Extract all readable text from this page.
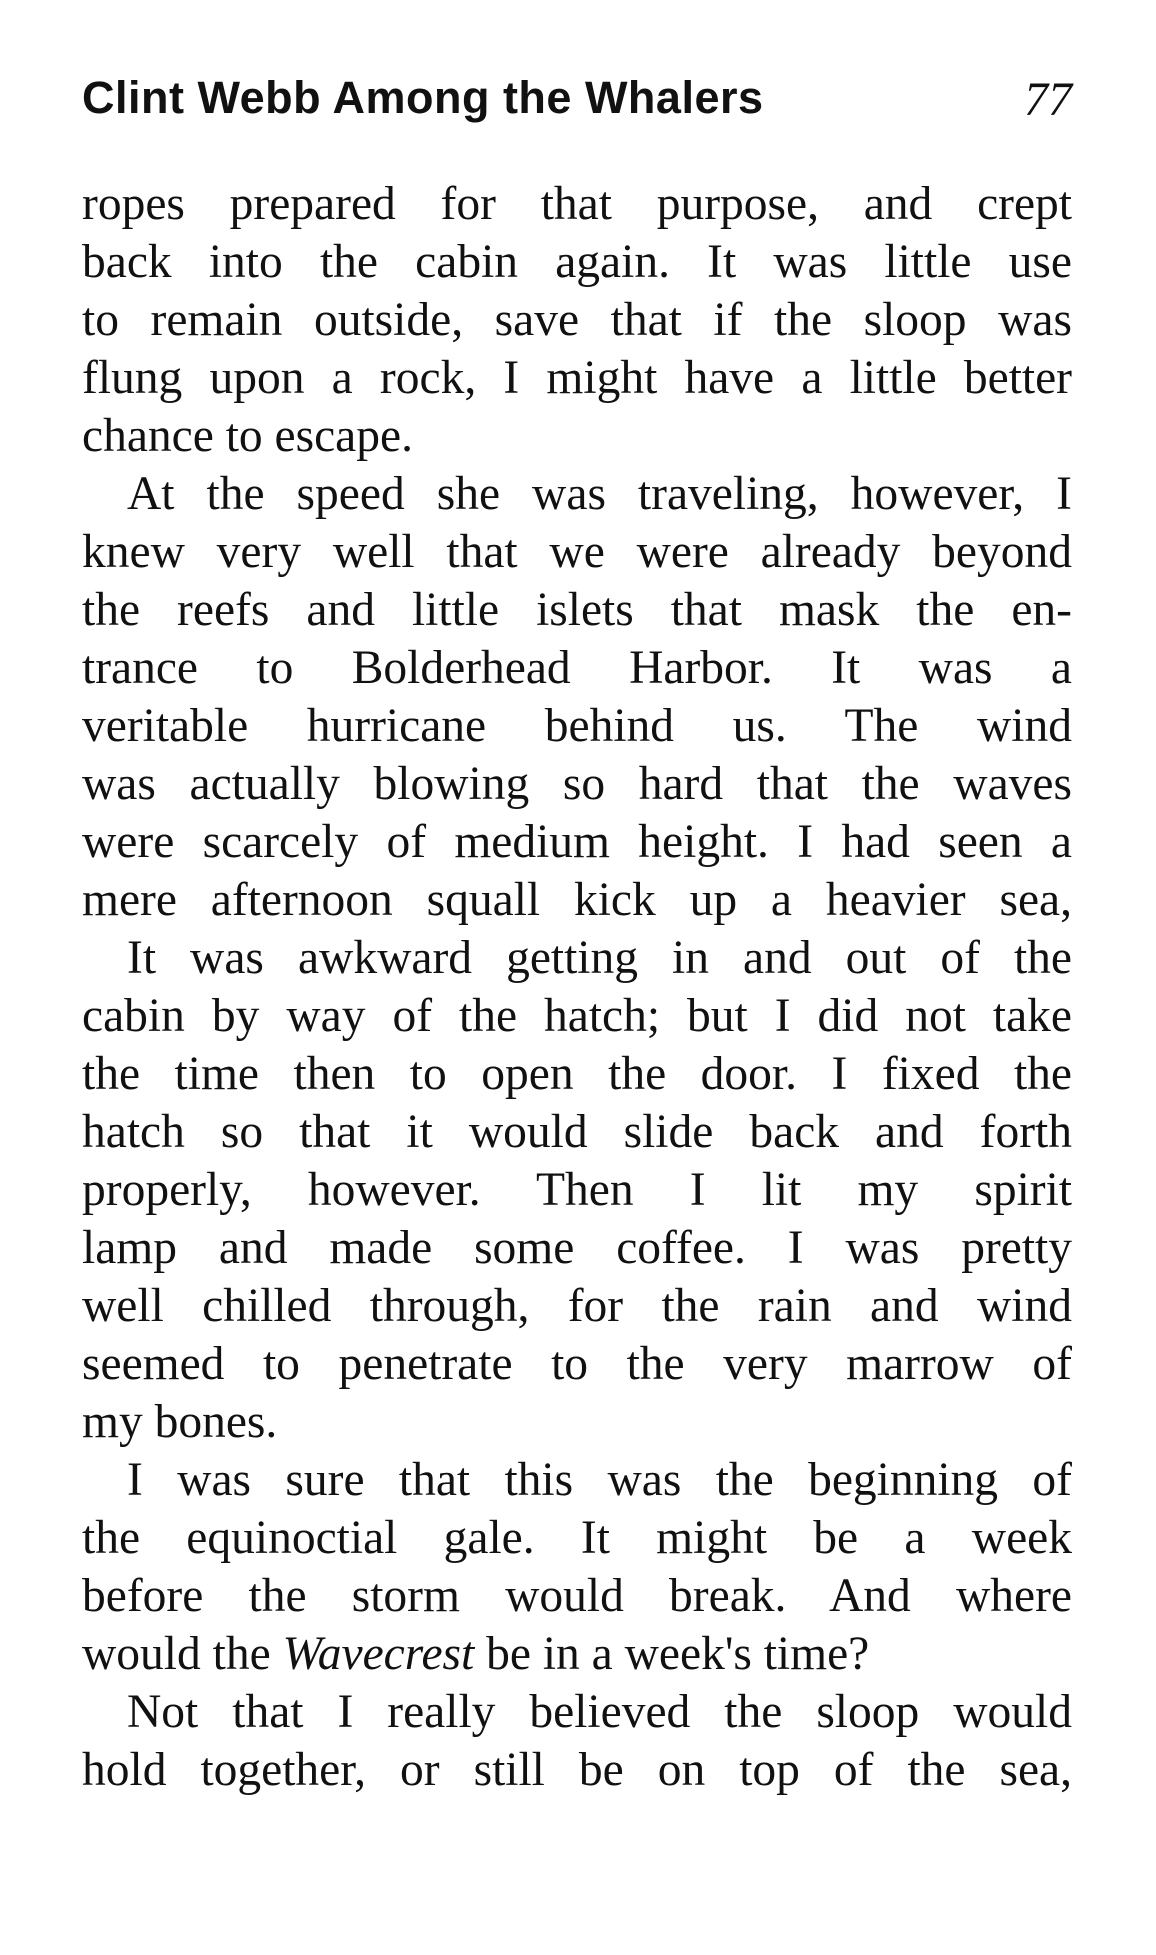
Clint Webb Among the Whalers	77

ropes prepared for that purpose, and crept
back into the cabin again. It was little use
to remain outside, save that if the sloop was
flung upon a rock, I might have a little better
chance to escape.

At the speed she was traveling, however, I
knew very well that we were already beyond
the reefs and little islets that mask the en-
trance to Bolderhead Harbor. It was a
veritable hurricane behind us. The wind
was actually blowing so hard that the waves
were scarcely of medium height. I had seen a
mere afternoon squall kick up a heavier sea,

It was awkward getting in and out of the
cabin by way of the hatch; but I did not take
the time then to open the door. I fixed the
hatch so that it would slide back and forth
properly, however. Then I lit my spirit
lamp and made some coffee. I was pretty
well chilled through, for the rain and wind
seemed to penetrate to the very marrow of
my bones.

I was sure that this was the beginning of
the equinoctial gale. It might be a week
before the storm would break. And where
would the Wavecrest be in a week's time?

Not that I really believed the sloop would
hold together, or still be on top of the sea,
